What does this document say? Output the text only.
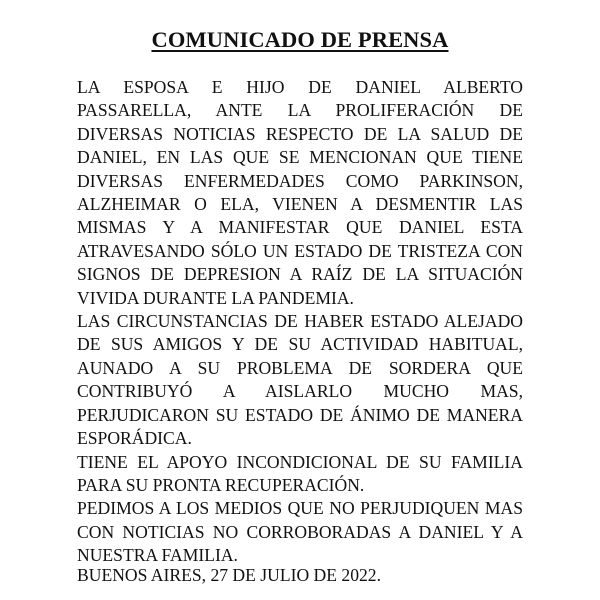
COMUNICADO DE PRENSA

LA ESPOSA E HIJO DE DANIEL ALBERTO PASSARELLA, ANTE LA PROLIFERACIÓN DE DIVERSAS NOTICIAS RESPECTO DE LA SALUD DE DANIEL, EN LAS QUE SE MENCIONAN QUE TIENE DIVERSAS ENFERMEDADES COMO PARKINSON, ALZHEIMAR O ELA, VIENEN A DESMENTIR LAS MISMAS Y A MANIFESTAR QUE DANIEL ESTA ATRAVESANDO SÓLO UN ESTADO DE TRISTEZA CON SIGNOS DE DEPRESION A RAÍZ DE LA SITUACIÓN VIVIDA DURANTE LA PANDEMIA.

LAS CIRCUNSTANCIAS DE HABER ESTADO ALEJADO DE SUS AMIGOS Y DE SU ACTIVIDAD HABITUAL, AUNADO A SU PROBLEMA DE SORDERA QUE CONTRIBUYÓ A AISLARLO MUCHO MAS, PERJUDICARON SU ESTADO DE ÁNIMO DE MANERA ESPORÁDICA.

TIENE EL APOYO INCONDICIONAL DE SU FAMILIA PARA SU PRONTA RECUPERACIÓN.

PEDIMOS A LOS MEDIOS QUE NO PERJUDIQUEN MAS CON NOTICIAS NO CORROBORADAS A DANIEL Y A NUESTRA FAMILIA.

BUENOS AIRES, 27 DE JULIO DE 2022.
